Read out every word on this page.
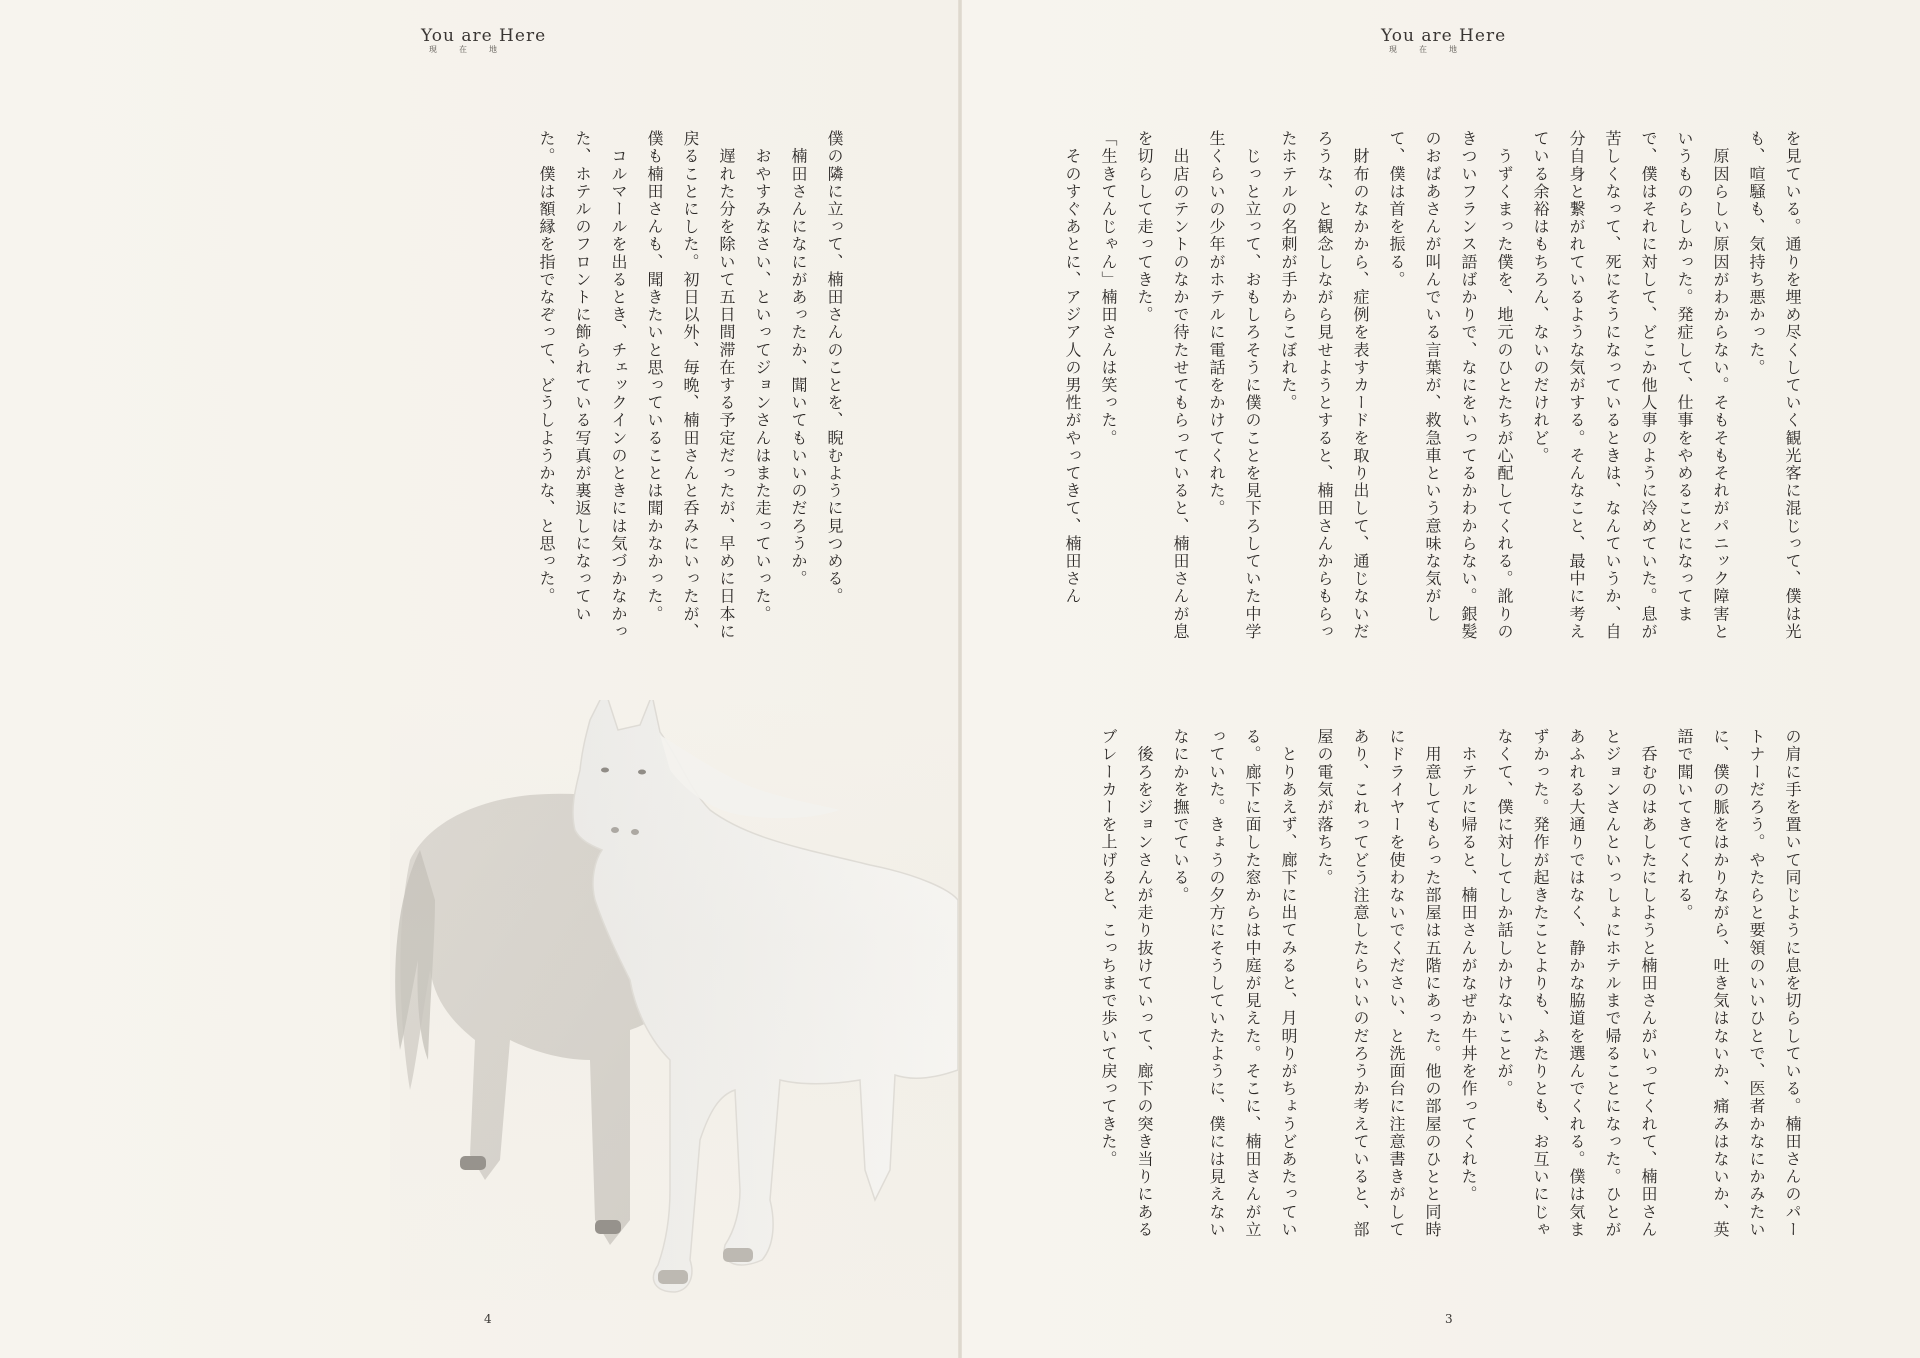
You are Here
現在地

僕の隣に立って、楠田さんのことを、睨むように見つめる。

　楠田さんになにがあったか、聞いてもいいのだろうか。

　おやすみなさい、といってジョンさんはまた走っていった。

　遅れた分を除いて五日間滞在する予定だったが、早めに日本に戻ることにした。初日以外、毎晩、楠田さんと呑みにいったが、僕も楠田さんも、聞きたいと思っていることは聞かなかった。

　コルマールを出るとき、チェックインのときには気づかなかった、ホテルのフロントに飾られている写真が裏返しになっていた。僕は額縁を指でなぞって、どうしようかな、と思った。

4
You are Here
現在地

を見ている。通りを埋め尽くしていく観光客に混じって、僕は光も、喧騒も、気持ち悪かった。

　原因らしい原因がわからない。そもそもそれがパニック障害というものらしかった。発症して、仕事をやめることになってまで、僕はそれに対して、どこか他人事のように冷めていた。息が苦しくなって、死にそうになっているときは、なんていうか、自分自身と繋がれているような気がする。そんなこと、最中に考えている余裕はもちろん、ないのだけれど。

　うずくまった僕を、地元のひとたちが心配してくれる。訛りのきついフランス語ばかりで、なにをいってるかわからない。銀髪のおばあさんが叫んでいる言葉が、救急車という意味な気がして、僕は首を振る。

　財布のなかから、症例を表すカードを取り出して、通じないだろうな、と観念しながら見せようとすると、楠田さんからもらったホテルの名刺が手からこぼれた。

　じっと立って、おもしろそうに僕のことを見下ろしていた中学生くらいの少年がホテルに電話をかけてくれた。

　出店のテントのなかで待たせてもらっていると、楠田さんが息を切らして走ってきた。

「生きてんじゃん」楠田さんは笑った。

　そのすぐあとに、アジア人の男性がやってきて、楠田さん

の肩に手を置いて同じように息を切らしている。楠田さんのパートナーだろう。やたらと要領のいいひとで、医者かなにかみたいに、僕の脈をはかりながら、吐き気はないか、痛みはないか、英語で聞いてきてくれる。

　呑むのはあしたにしようと楠田さんがいってくれて、楠田さんとジョンさんといっしょにホテルまで帰ることになった。ひとがあふれる大通りではなく、静かな脇道を選んでくれる。僕は気まずかった。発作が起きたことよりも、ふたりとも、お互いにじゃなくて、僕に対してしか話しかけないことが。

　ホテルに帰ると、楠田さんがなぜか牛丼を作ってくれた。

　用意してもらった部屋は五階にあった。他の部屋のひとと同時にドライヤーを使わないでください、と洗面台に注意書きがしてあり、これってどう注意したらいいのだろうか考えていると、部屋の電気が落ちた。

　とりあえず、廊下に出てみると、月明りがちょうどあたっている。廊下に面した窓からは中庭が見えた。そこに、楠田さんが立っていた。きょうの夕方にそうしていたように、僕には見えないなにかを撫でている。

　後ろをジョンさんが走り抜けていって、廊下の突き当りにあるブレーカーを上げると、こっちまで歩いて戻ってきた。

3
